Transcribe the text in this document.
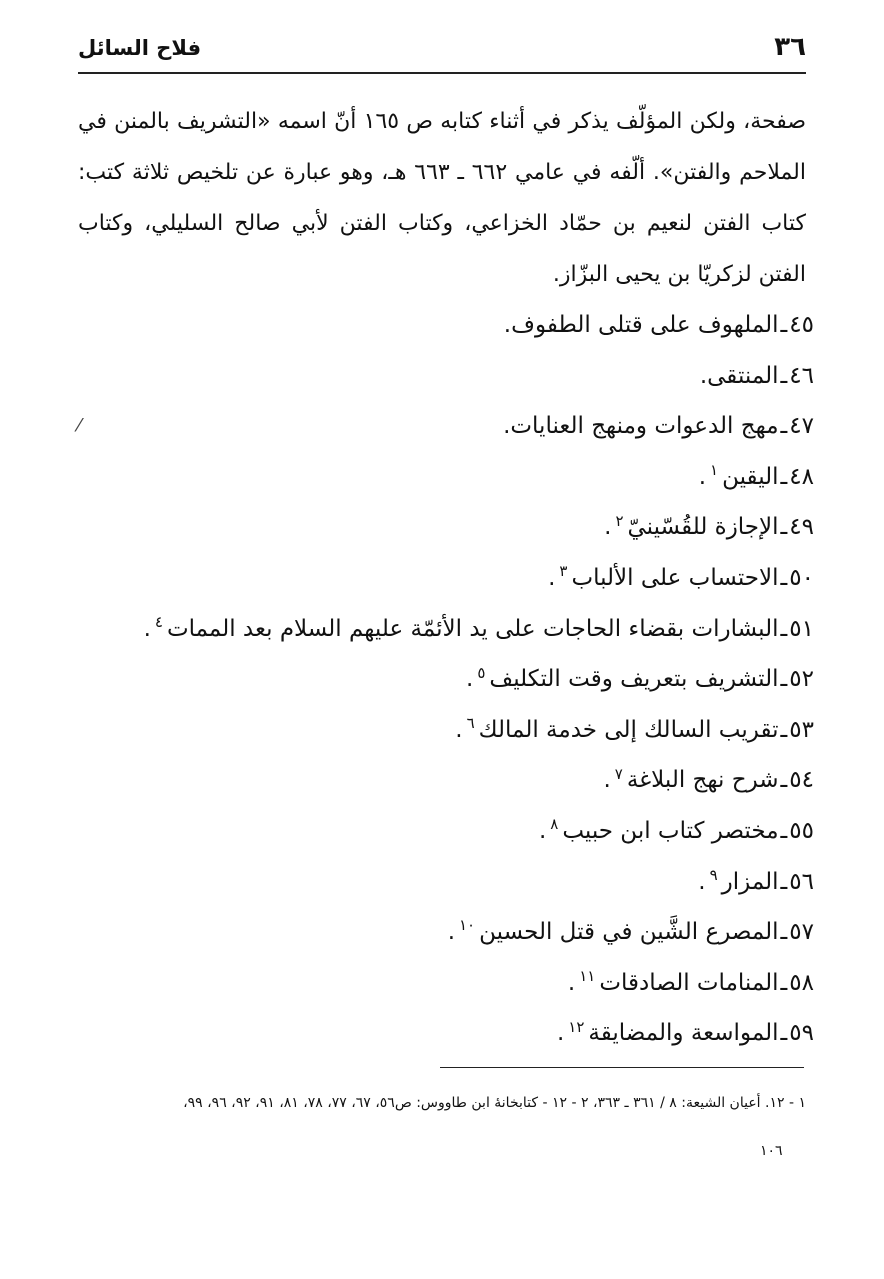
٣٦
فلاح السائل
صفحة، ولكن المؤلّف يذكر في أثناء كتابه ص ١٦٥ أنّ اسمه «التشريف بالمنن في الملاحم والفتن». ألّفه في عامي ٦٦٢ ـ ٦٦٣ هـ، وهو عبارة عن تلخيص ثلاثة كتب: كتاب الفتن لنعيم بن حمّاد الخزاعي، وكتاب الفتن لأبي صالح السليلي، وكتاب الفتن لزكريّا بن يحيى البزّاز.
٤٥ـالملهوف على قتلى الطفوف.
٤٦ـالمنتقى.
٤٧ـمهج الدعوات ومنهج العنايات.
⁄
٤٨ـاليقين$^١$.
٤٩ـالإجازة للقُسّينيّ$^٢$.
٥٠ـالاحتساب على الألباب$^٣$.
٥١ـالبشارات بقضاء الحاجات على يد الأئمّة عليهم السلام بعد الممات$^٤$.
٥٢ـالتشريف بتعريف وقت التكليف$^٥$.
٥٣ـتقريب السالك إلى خدمة المالك$^٦$.
٥٤ـشرح نهج البلاغة$^٧$.
٥٥ـمختصر كتاب ابن حبيب$^٨$.
٥٦ـالمزار$^٩$.
٥٧ـالمصرع الشَّين في قتل الحسين$^{١٠}$.
٥٨ـالمنامات الصادقات$^{١١}$.
٥٩ـالمواسعة والمضايقة$^{١٢}$.
١ - ١٢. أعيان الشيعة: ٨ / ٣٦١ ـ ٣٦٣، ٢ - ١٢ - كتابخانهٔ ابن طاووس: ص٥٦، ٦٧، ٧٧، ٧٨، ٨١، ٩١، ٩٢، ٩٦، ٩٩،
١٠٦
